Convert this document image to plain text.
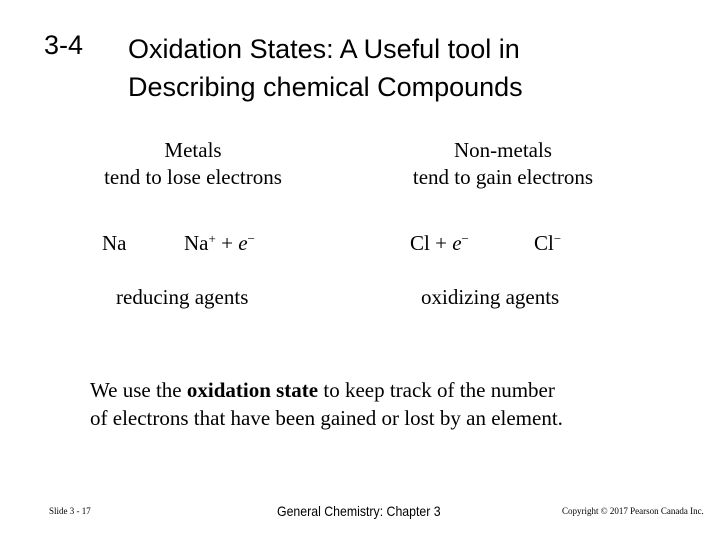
3-4 Oxidation States: A Useful tool in
Describing chemical Compounds
Metals
tend to lose electrons
Na	Na+ + e−
reducing agents
Non-metals
tend to gain electrons
Cl + e−	Cl−
oxidizing agents
We use the oxidation state to keep track of the number
of electrons that have been gained or lost by an element.
Slide 3 - 17	General Chemistry: Chapter 3	Copyright © 2017 Pearson Canada Inc.
